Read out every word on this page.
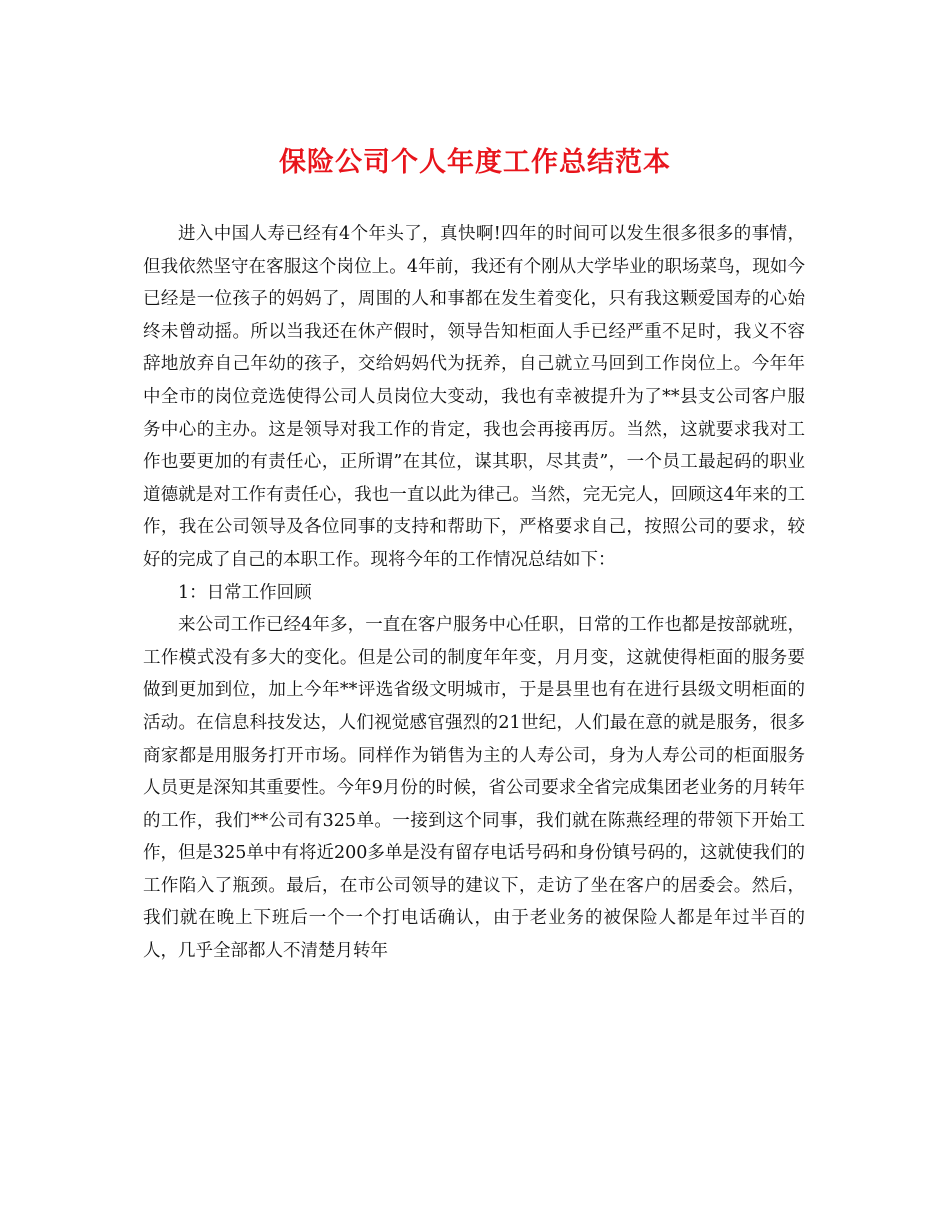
保险公司个人年度工作总结范本

进入中国人寿已经有4个年头了，真快啊!四年的时间可以发生很多很多的事情，但我依然坚守在客服这个岗位上。4年前，我还有个刚从大学毕业的职场菜鸟，现如今已经是一位孩子的妈妈了，周围的人和事都在发生着变化，只有我这颗爱国寿的心始终未曾动摇。所以当我还在休产假时，领导告知柜面人手已经严重不足时，我义不容辞地放弃自己年幼的孩子，交给妈妈代为抚养，自己就立马回到工作岗位上。今年年中全市的岗位竞选使得公司人员岗位大变动，我也有幸被提升为了**县支公司客户服务中心的主办。这是领导对我工作的肯定，我也会再接再厉。当然，这就要求我对工作也要更加的有责任心，正所谓”在其位，谋其职，尽其责”，一个员工最起码的职业道德就是对工作有责任心，我也一直以此为律己。当然，完无完人，回顾这4年来的工作，我在公司领导及各位同事的支持和帮助下，严格要求自己，按照公司的要求，较好的完成了自己的本职工作。现将今年的工作情况总结如下：

1：日常工作回顾

来公司工作已经4年多，一直在客户服务中心任职，日常的工作也都是按部就班，工作模式没有多大的变化。但是公司的制度年年变，月月变，这就使得柜面的服务要做到更加到位，加上今年**评选省级文明城市，于是县里也有在进行县级文明柜面的活动。在信息科技发达，人们视觉感官强烈的21世纪，人们最在意的就是服务，很多商家都是用服务打开市场。同样作为销售为主的人寿公司，身为人寿公司的柜面服务人员更是深知其重要性。今年9月份的时候，省公司要求全省完成集团老业务的月转年的工作，我们**公司有325单。一接到这个同事，我们就在陈燕经理的带领下开始工作，但是325单中有将近200多单是没有留存电话号码和身份镇号码的，这就使我们的工作陷入了瓶颈。最后，在市公司领导的建议下，走访了坐在客户的居委会。然后，我们就在晚上下班后一个一个打电话确认，由于老业务的被保险人都是年过半百的人，几乎全部都人不清楚月转年
